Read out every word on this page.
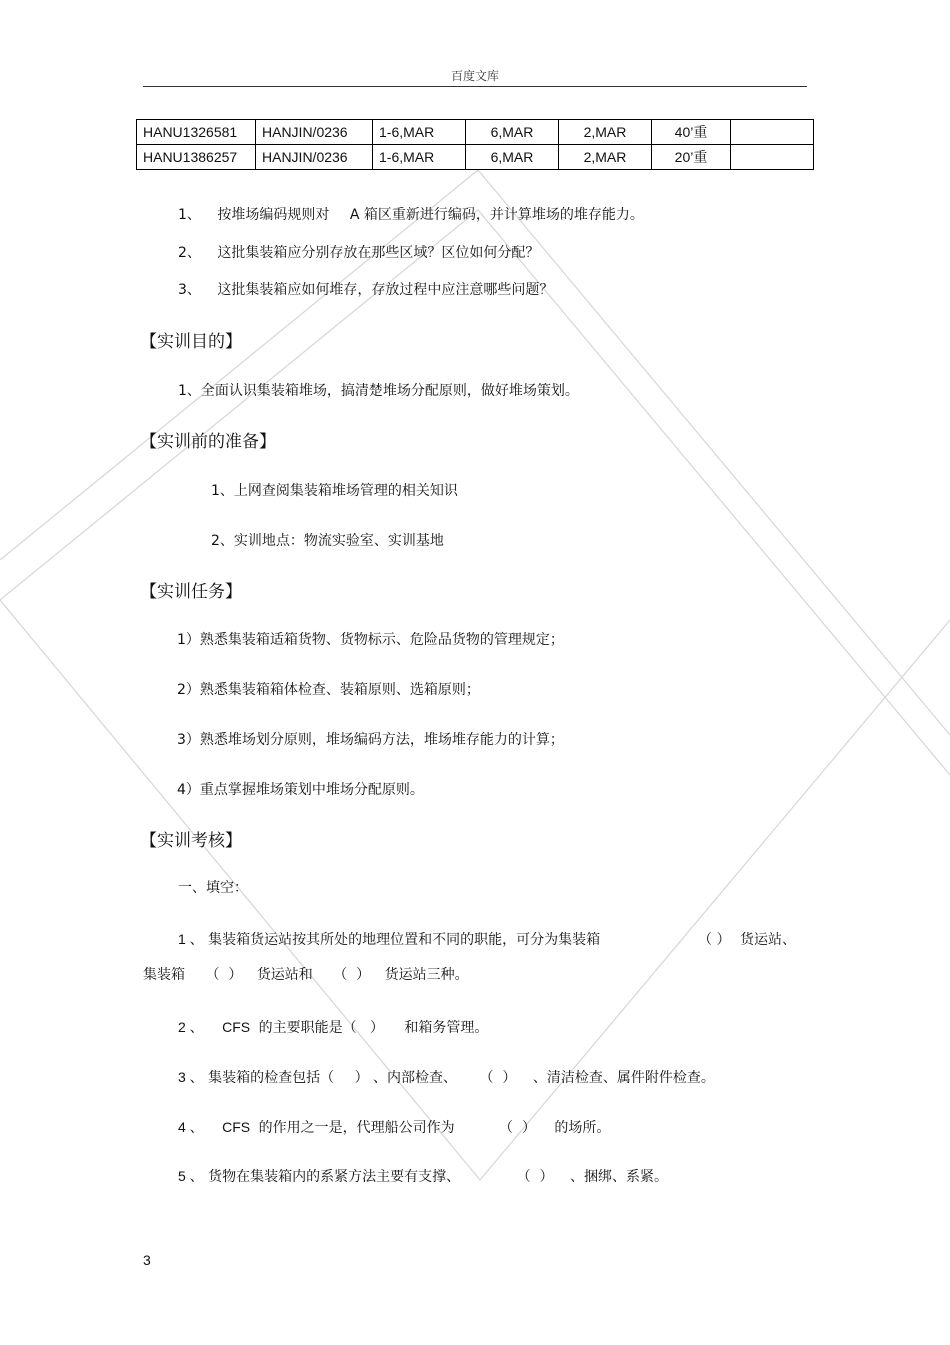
百度文库
HANU1326581	HANJIN/0236	1-6,MAR	6,MAR	2,MAR	40’重	
HANU1386257	HANJIN/0236	1-6,MAR	6,MAR	2,MAR	20’重	
1、 按堆场编码规则对 A 箱区重新进行编码，并计算堆场的堆存能力。
2、 这批集装箱应分别存放在那些区域？区位如何分配？
3、 这批集装箱应如何堆存，存放过程中应注意哪些问题？
【实训目的】
1、全面认识集装箱堆场，搞清楚堆场分配原则，做好堆场策划。
【实训前的准备】
1、上网查阅集装箱堆场管理的相关知识
2、实训地点：物流实验室、实训基地
【实训任务】
1）熟悉集装箱适箱货物、货物标示、危险品货物的管理规定；
2）熟悉集装箱箱体检查、装箱原则、选箱原则；
3）熟悉堆场划分原则，堆场编码方法，堆场堆存能力的计算；
4）重点掌握堆场策划中堆场分配原则。
【实训考核】
一、填空：
1 、 集装箱货运站按其所处的地理位置和不同的职能，可分为集装箱	（ ） 货运站、
集装箱 （  ） 货运站和 （  ） 货运站三种。
2 、 CFS 的主要职能是（   ） 和箱务管理。
3 、 集装箱的检查包括（ ） 、内部检查、 （  ） 、清洁检查、属件附件检查。
4 、 CFS 的作用之一是，代理船公司作为	（  ） 的场所。
5 、 货物在集装箱内的系紧方法主要有支撑、	（  ） 、捆绑、系紧。
3
